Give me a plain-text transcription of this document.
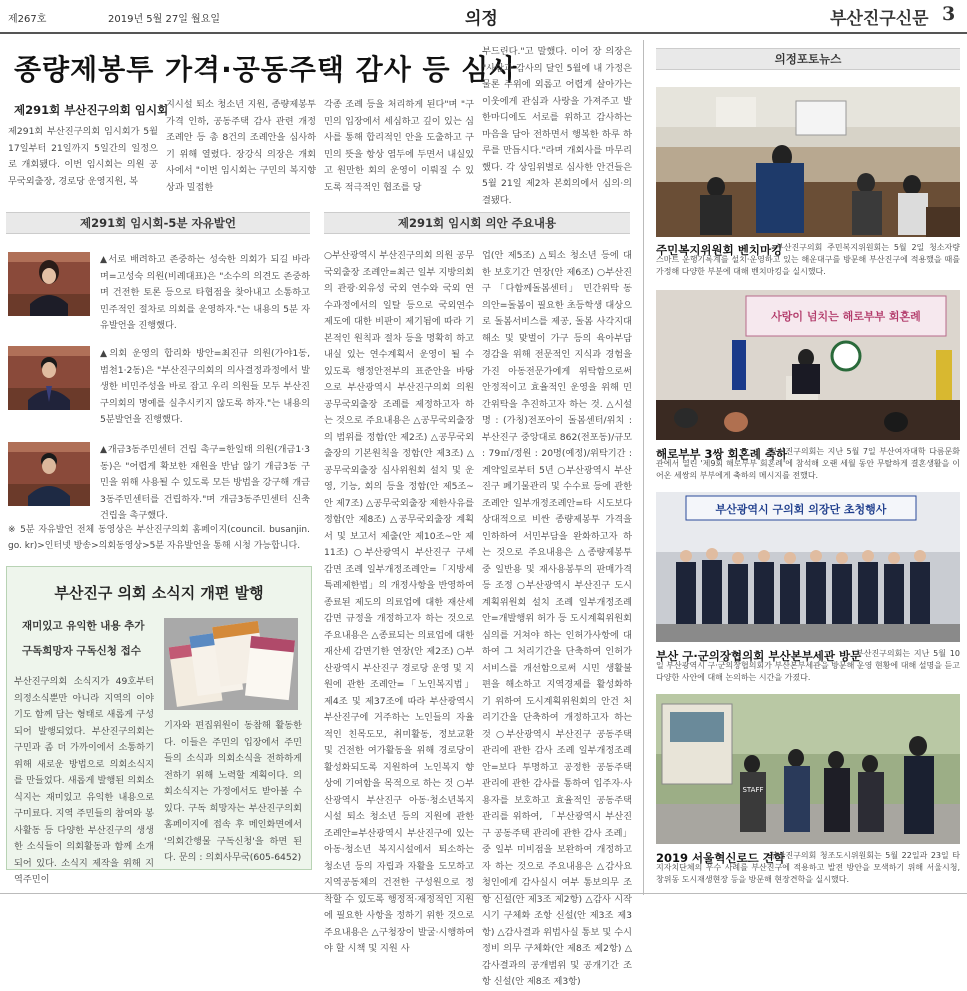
제267호	2019년 5월 27일 월요일	의정	부산진구신문 3
종량제봉투 가격·공동주택 감사 등 심사
제291회 부산진구의회 임시회
제291회 부산진구의회 임시회가 5월 17일부터 21일까지 5일간의 일정으로 개회됐다. 이번 임시회는 의원 공무국외출장, 경로당 운영지원, 복
지시설 퇴소 청소년 지원, 종량제봉투 가격 인하, 공동주택 감사 관련 개정조례안 등 총 8건의 조례안을 심사하기 위해 열렸다. 장강식 의장은 개회사에서 "이번 임시회는 구민의 복지향상과 밀접한
각종 조례 등을 처리하게 된다"며 "구민의 입장에서 세심하고 깊이 있는 심사를 통해 합리적인 안을 도출하고 구민의 뜻을 항상 염두에 두면서 내실있고 원만한 회의 운영이 이뤄질 수 있도록 적극적인 협조를 당
부드린다."고 말했다. 이어 장 의장은 "사람과 감사의 달인 5월에 내 가정은 물론 주위에 외롭고 어렵게 살아가는 이웃에게 관심과 사랑을 가져주고 발 한마디에도 서로를 위하고 감사하는 마음을 담아 전하면서 행복한 하루 하루를 만듭시다."라며 개회사를 마무리했다. 각 상임위별로 심사한 안건들은 5월 21일 제2차 본회의에서 심의·의결됐다.
제291회 임시회-5분 자유발언
▲서로 배려하고 존중하는 성숙한 의회가 되길 바라며=고성숙 의원(비례대표)은 "소수의 의견도 존중하며 건전한 토론 등으로 타협점을 찾아내고 소통하고 민주적인 절차로 의회를 운영하자."는 내용의 5분 자유발언을 진행했다.
▲의회 운영의 합리화 방안=최진규 의원(가야1동, 범천1·2동)은 "부산진구의회의 의사결정과정에서 발생한 비민주성을 바로 잡고 우리 의원들 모두 부산진구의회의 명예를 실추시키지 않도록 하자."는 내용의 5분발언을 진행했다.
▲개금3동주민센터 건립 촉구=한일태 의원(개금1·3동)은 "어렵게 확보한 재원을 반납 않기 개금3동 구민을 위해 사용될 수 있도록 모든 방법을 강구해 개금3동주민센터를 건립하자."며 개금3동주민센터 신축 건립을 촉구했다.
※ 5분 자유발언 전체 동영상은 부산진구의회 홈페이지(council. busanjin. go. kr)>인터넷 방송>의회동영상>5분 자유발언을 통해 시청 가능합니다.
부산진구 의회 소식지 개편 발행
재미있고 유익한 내용 추가
구독희망자 구독신청 접수
부산진구의회 소식지가 49호부터 의정소식뿐만 아니라 지역의 이야기도 함께 담는 형태로 새롭게 구성되어 발행되었다. 부산진구의회는 구민과 좀 더 가까이에서 소통하기 위해 새로운 방법으로 의회소식지를 만들었다. 새롭게 발행된 의회소식지는 재미있고 유익한 내용으로 구미료다. 지역 주민들의 참여와 봉사활동 등 다양한 부산진구의 생생한 소식들이 의회활동과 함께 소개되어 있다. 소식지 제작을 위해 지역주민이
기자와 편집위원이 동참해 활동한다. 이들은 주민의 입장에서 주민들의 소식과 의회소식을 전하하게 전하기 위해 노력할 계획이다. 의회소식지는 가정에서도 받아볼 수 있다. 구독 희망자는 부산진구의회 홈페이지에 접속 후 메인화면에서 '의회간행물 구독신청'을 하면 된다. 문의 : 의회사무국(605-6452)
제291회 임시회 의안 주요내용
○부산광역시 부산진구의회 의원 공무국외출장 조례안=최근 일부 지방의회의 관광·외유성 국외 연수와 국외 연수과정에서의 일탈 등으로 국외연수제도에 대한 비판이 제기됨에 따라 기본적인 원칙과 절차 등을 명확히 하고 내실 있는 연수계획서 운영이 될 수 있도록 행정안전부의 표준안을 바탕으로 부산광역시 부산진구의회 의원 공무국외출장 조례를 제정하고자 하는 것으로 주요내용은 △공무국외출장의 범위를 정함(안 제2조) △공무국외출장의 기본원칙을 정함(안 제3조) △공무국외출장 심사위원회 설치 및 운영, 기능, 회의 등을 정함(안 제5조~안 제7조) △공무국외출장 제한사유를 정함(안 제8조) △공무국외출장 계획서 및 보고서 제출(안 제10조~안 제11조) ○부산광역시 부산진구 구세 감면 조례 일부개정조례안=「지방세특례제한법」의 개정사항을 반영하여 종료된 제도의 의료업에 대한 재산세 감면 규정을 개정하고자 하는 것으로 주요내용은 △종료되는 의료업에 대한 재산세 감면기한 연장(안 제2조) ○부산광역시 부산진구 경로당 운영 및 지원에 관한 조례안=「노인복지법」 제4조 및 제37조에 따라 부산광역시 부산진구에 거주하는 노인들의 자율적인 친목도모, 취미활동, 정보교환 및 건전한 여가활동을 위해 경로당이 활성화되도록 지원하여 노인복지 향상에 기여함을 목적으로 하는 것 ○부산광역시 부산진구 아동·청소년복지시설 퇴소 청소년 등의 지원에 관한 조례안=부산광역시 부산진구에 있는 아동·청소년 복지시설에서 퇴소하는 청소년 등의 자립과 자활을 도모하고 지역공동체의 건전한 구성원으로 정착할 수 있도록 행정적·재정적인 지원에 필요한 사항을 정하기 위한 것으로 주요내용은 △구청장이 발굴·시행하여야 할 시책 및 지원 사
업(안 제5조) △퇴소 청소년 등에 대한 보호기간 연장(안 제6조) ○부산진구 「다함께돌봄센터」 민간위탁 동의안=돌봄이 필요한 초등학생 대상으로 돌봄서비스를 제공, 돌봄 사각지대 해소 및 맞벌이 가구 등의 육아부담 경감을 위해 전문적인 지식과 경험을 가진 아동전문가에게 위탁함으로써 안정적이고 효율적인 운영을 위해 민간위탁을 추진하고자 하는 것. △시설명 : (가칭)전포아이 돌봄센터/위치 : 부산진구 중앙대로 862(전포동)/규모 : 79㎡/정원 : 20명(예정)/위탁기간 : 계약일로부터 5년 ○부산광역시 부산진구 폐기물관리 및 수수료 등에 관한 조례안 일부개정조례안=타 시도보다 상대적으로 비싼 종량제봉투 가격을 인하하여 서민부담을 완화하고자 하는 것으로 주요내용은 △종량제봉투 중 일반용 및 재사용봉투의 판매가격 등 조정 ○부산광역시 부산진구 도시계획위원회 설치 조례 일부개정조례안=개발행위 허가 등 도시계획위원회 심의를 거쳐야 하는 인허가사항에 대하여 그 처리기간을 단축하여 인허가서비스를 개선함으로써 시민 생활불편을 해소하고 지역경제를 활성화하기 위하여 도시계획위원회의 안건 처리기간을 단축하여 개정하고자 하는 것 ○부산광역시 부산진구 공동주택 관리에 관한 감사 조례 일부개정조례안=보다 투명하고 공정한 공동주택 관리에 관한 감사를 통하여 입주자·사용자를 보호하고 효율적인 공동주택 관리를 위하여, 「부산광역시 부산진구 공동주택 관리에 관한 감사 조례」중 일부 미비점을 보완하여 개정하고자 하는 것으로 주요내용은 △감사요청인에게 감사실시 여부 통보의무 조항 신설(안 제3조 제2항) △감사 시작 시기 구체화 조항 신설(안 제3조 제3항) △감사결과 위법사실 통보 및 수시정비 의무 구체화(안 제8조 제2항) △감사결과의 공개범위 및 공개기간 조항 신설(안 제8조 제3항)
의정포토뉴스
주민복지위원회 벤치마킹
부산진구의회 주민복지위원회는 5월 2일 청소자량 스마트 운행기록계를 설치·운영하고 있는 해운대구를 방문해 부산진구에 적용했을 때를 가정해 다양한 부분에 대해 벤치마킹을 실시했다.
사랑이 넘치는 해로부부 회혼례
해로부부 3쌍 회혼례 축하
부산진구의회는 지난 5월 7일 부산여자대학 다름문화관에서 열린 '제9회 해로부부 회혼례'에 참석해 오랜 세월 동안 무탈하게 결혼생활을 이어온 세쌍의 부부에게 축하의 메시지를 전했다.
부산광역시 구의회 의장단 초청행사
부산 구·군의장협의회 부산본부세관 방문
부산진구의회는 지난 5월 10일 부산광역시 구·군의장협의회가 부산본부세관을 방문해 운영 현황에 대해 설명을 듣고 다양한 사안에 대해 논의하는 시간을 가졌다.
STAFF
2019 서울혁신로드 견학
부산진구의회 청조도시위원회는 5월 22일과 23일 타 지자치단체의 우수 사례를 부산진구에 적용하고 발전 방안을 모색하기 위해 서울시청, 창위동 도시재생현장 등을 방문해 현장견학을 실시했다.
